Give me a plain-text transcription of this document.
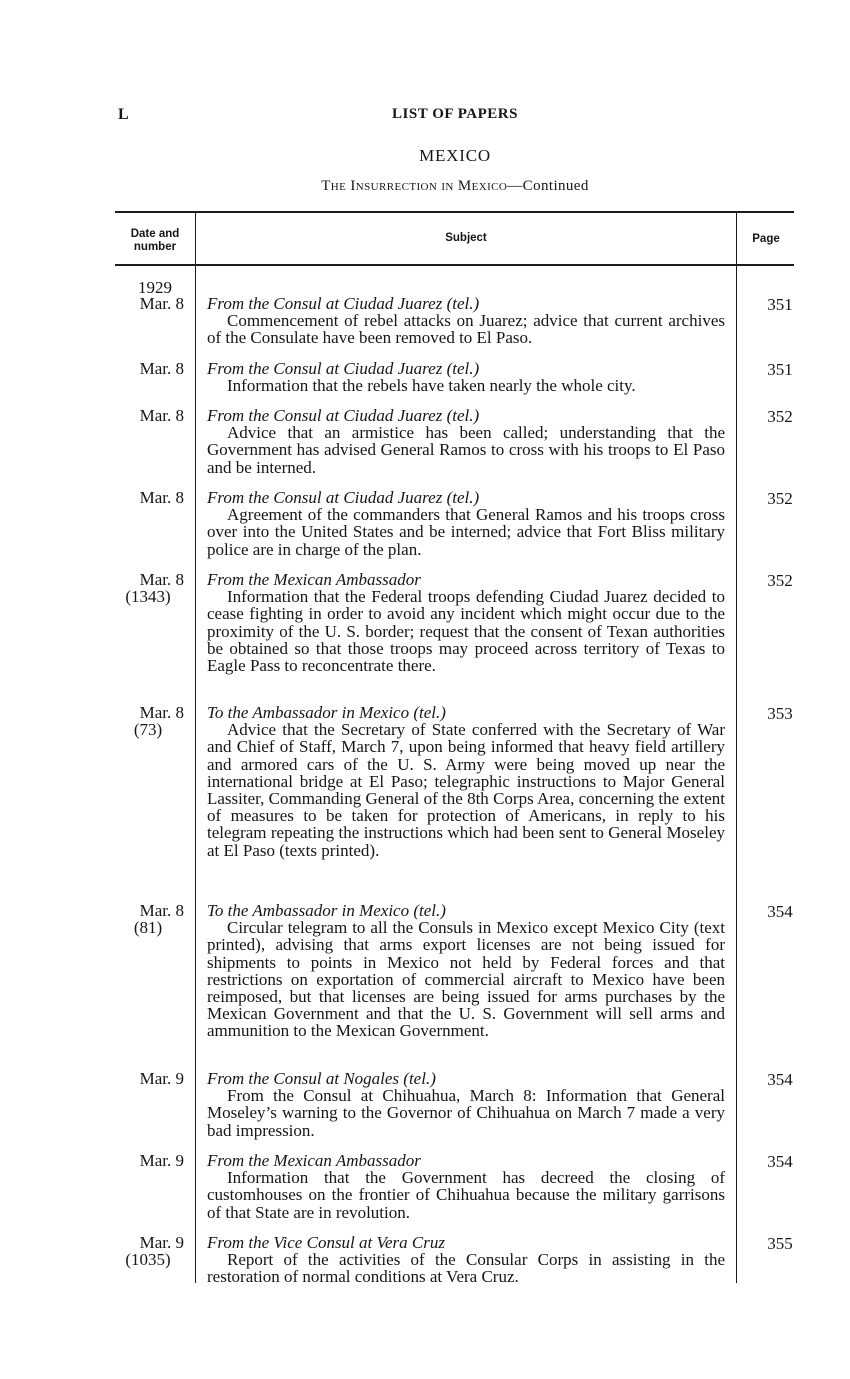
L	LIST OF PAPERS
MEXICO
The Insurrection in Mexico—Continued
Date and number
Subject	Page
1929
Mar. 8 From the Consul at Ciudad Juarez (tel.)
Commencement of rebel attacks on Juarez; advice that current archives of the Consulate have been removed to El Paso.
351
Mar. 8 From the Consul at Ciudad Juarez (tel.)
Information that the rebels have taken nearly the whole city.
351
Mar. 8 From the Consul at Ciudad Juarez (tel.)
Advice that an armistice has been called; understanding that the Government has advised General Ramos to cross with his troops to El Paso and be interned.
352
Mar. 8 From the Consul at Ciudad Juarez (tel.)
Agreement of the commanders that General Ramos and his troops cross over into the United States and be interned; advice that Fort Bliss military police are in charge of the plan.
352
Mar. 8
(1343)
From the Mexican Ambassador
Information that the Federal troops defending Ciudad Juarez decided to cease fighting in order to avoid any incident which might occur due to the proximity of the U. S. border; request that the consent of Texan authorities be obtained so that those troops may proceed across territory of Texas to Eagle Pass to reconcentrate there.
352
Mar. 8
(73)
To the Ambassador in Mexico (tel.)
Advice that the Secretary of State conferred with the Secretary of War and Chief of Staff, March 7, upon being informed that heavy field artillery and armored cars of the U. S. Army were being moved up near the international bridge at El Paso; telegraphic instructions to Major General Lassiter, Commanding General of the 8th Corps Area, concerning the extent of measures to be taken for protection of Americans, in reply to his telegram repeating the instructions which had been sent to General Moseley at El Paso (texts printed).
353
Mar. 8
(81)
To the Ambassador in Mexico (tel.)
Circular telegram to all the Consuls in Mexico except Mexico City (text printed), advising that arms export licenses are not being issued for shipments to points in Mexico not held by Federal forces and that restrictions on exportation of commercial aircraft to Mexico have been reimposed, but that licenses are being issued for arms purchases by the Mexican Government and that the U. S. Government will sell arms and ammunition to the Mexican Government.
354
Mar. 9 From the Consul at Nogales (tel.)
From the Consul at Chihuahua, March 8: Information that General Moseley’s warning to the Governor of Chihuahua on March 7 made a very bad impression.
354
Mar. 9 From the Mexican Ambassador
Information that the Government has decreed the closing of customhouses on the frontier of Chihuahua because the military garrisons of that State are in revolution.
354
Mar. 9
(1035)
From the Vice Consul at Vera Cruz
Report of the activities of the Consular Corps in assisting in the restoration of normal conditions at Vera Cruz.
355
